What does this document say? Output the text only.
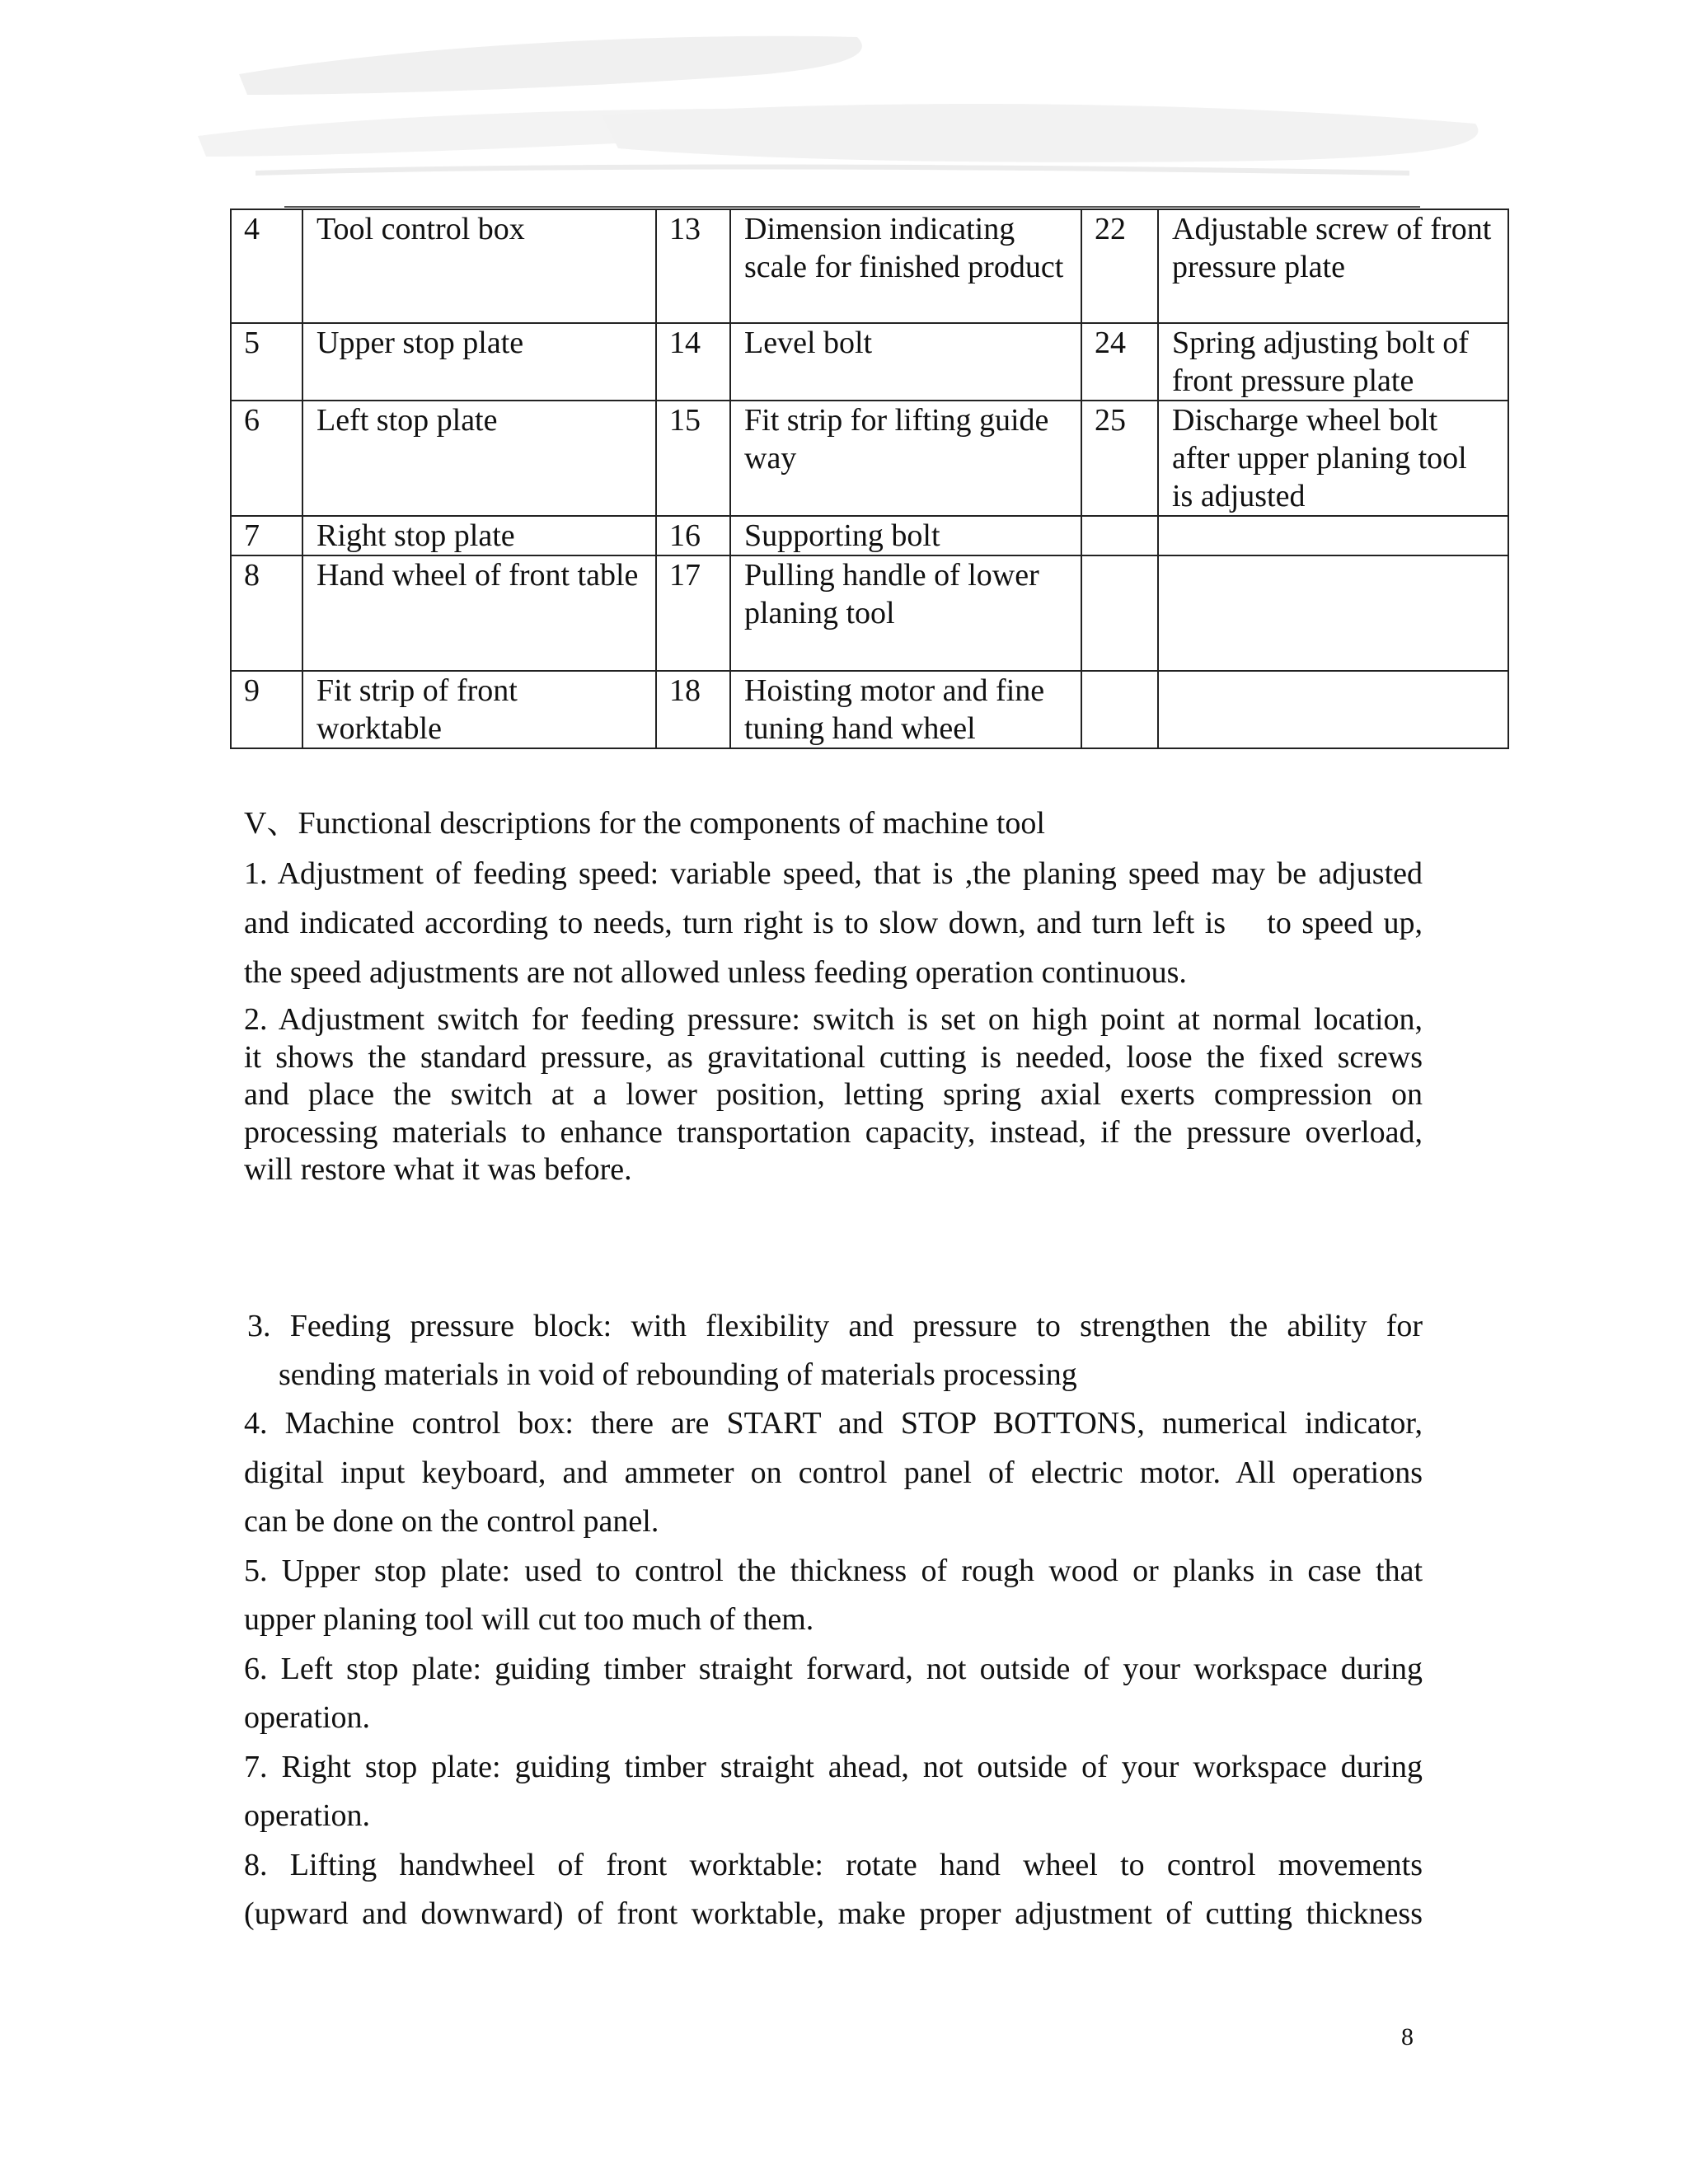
4	Tool control box	13	Dimension indicating scale for finished product	22	Adjustable screw of front pressure plate
5	Upper stop plate	14	Level bolt	24	Spring adjusting bolt of front pressure plate
6	Left stop plate	15	Fit strip for lifting guide way	25	Discharge wheel bolt after upper planing tool is adjusted
7	Right stop plate	16	Supporting bolt		
8	Hand wheel of front table	17	Pulling handle of lower planing tool		
9	Fit strip of front worktable	18	Hoisting motor and fine tuning hand wheel		
V、Functional descriptions for the components of machine tool
1. Adjustment of feeding speed: variable speed, that is ,the planing speed may be adjusted
and indicated according to needs, turn right is to slow down, and turn left is    to speed up,
the speed adjustments are not allowed unless feeding operation continuous.
2. Adjustment switch for feeding pressure: switch is set on high point at normal location,
it shows the standard pressure, as gravitational cutting is needed, loose the fixed screws
and place the switch at a lower position, letting spring axial exerts compression on
processing materials to enhance transportation capacity, instead, if the pressure overload,
will restore what it was before.
3. Feeding pressure block: with flexibility and pressure to strengthen the ability for
sending materials in void of rebounding of materials processing
4. Machine control box: there are START and STOP BOTTONS, numerical indicator,
digital input keyboard, and ammeter on control panel of electric motor. All operations
can be done on the control panel.
5. Upper stop plate: used to control the thickness of rough wood or planks in case that
upper planing tool will cut too much of them.
6. Left stop plate: guiding timber straight forward, not outside of your workspace during
operation.
7. Right stop plate: guiding timber straight ahead, not outside of your workspace during
operation.
8. Lifting handwheel of front worktable: rotate hand wheel to control movements
(upward and downward) of front worktable, make proper adjustment of cutting thickness
8
